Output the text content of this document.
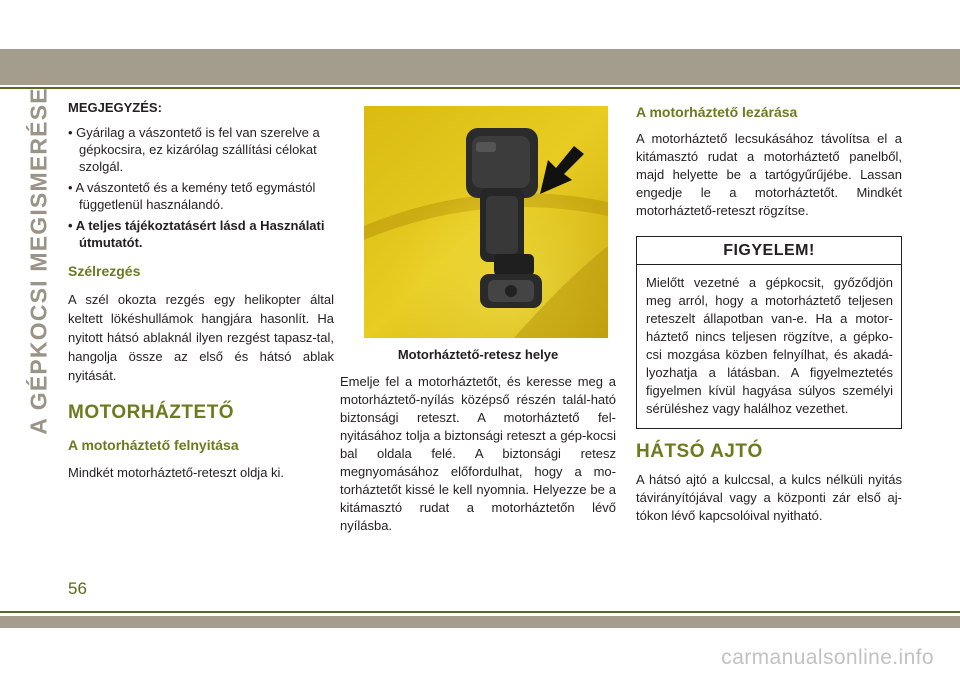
A GÉPKOCSI MEGISMERÉSE MEGJEGYZÉS:

• Gyárilag a vászontető is fel van szerelve a gépkocsira, ez kizárólag szállítási célokat szolgál.
• A vászontető és a kemény tető egymástól függetlenül használandó.
• A teljes tájékoztatásért lásd a Használati útmutatót.

Szélrezgés

A szél okozta rezgés egy helikopter által keltett lökéshullámok hangjára hasonlít. Ha nyitott hátsó ablaknál ilyen rezgést tapasz-tal, hangolja össze az első és hátsó ablak nyitását.

MOTORHÁZTETŐ

A motorháztető felnyitása

Mindkét motorháztető-reteszt oldja ki.

Motorháztető-retesz helye

Emelje fel a motorháztetőt, és keresse meg a motorháztető-nyílás középső részén talál-ható biztonsági reteszt. A motorháztető fel-nyitásához tolja a biztonsági reteszt a gép-kocsi bal oldala felé. A biztonsági retesz megnyomásához előfordulhat, hogy a mo-torháztetőt kissé le kell nyomnia. Helyezze be a kitámasztó rudat a motorháztetőn lévő nyílásba.

A motorháztető lezárása

A motorháztető lecsukásához távolítsa el a kitámasztó rudat a motorháztető panelből, majd helyette be a tartógyűrűjébe. Lassan engedje le a motorháztetőt. Mindkét motorháztető-reteszt rögzítse.

FIGYELEM!
Mielőtt vezetné a gépkocsit, győződjön meg arról, hogy a motorháztető teljesen reteszelt állapotban van-e. Ha a motor-háztető nincs teljesen rögzítve, a gépko-csi mozgása közben felnyílhat, és akadá-lyozhatja a látásban. A figyelmeztetés figyelmen kívül hagyása súlyos személyi sérüléshez vagy halálhoz vezethet.

HÁTSÓ AJTÓ

A hátsó ajtó a kulccsal, a kulcs nélküli nyitás távirányítójával vagy a központi zár első aj-tókon lévő kapcsolóival nyitható.

56
carmanualsonline.info
